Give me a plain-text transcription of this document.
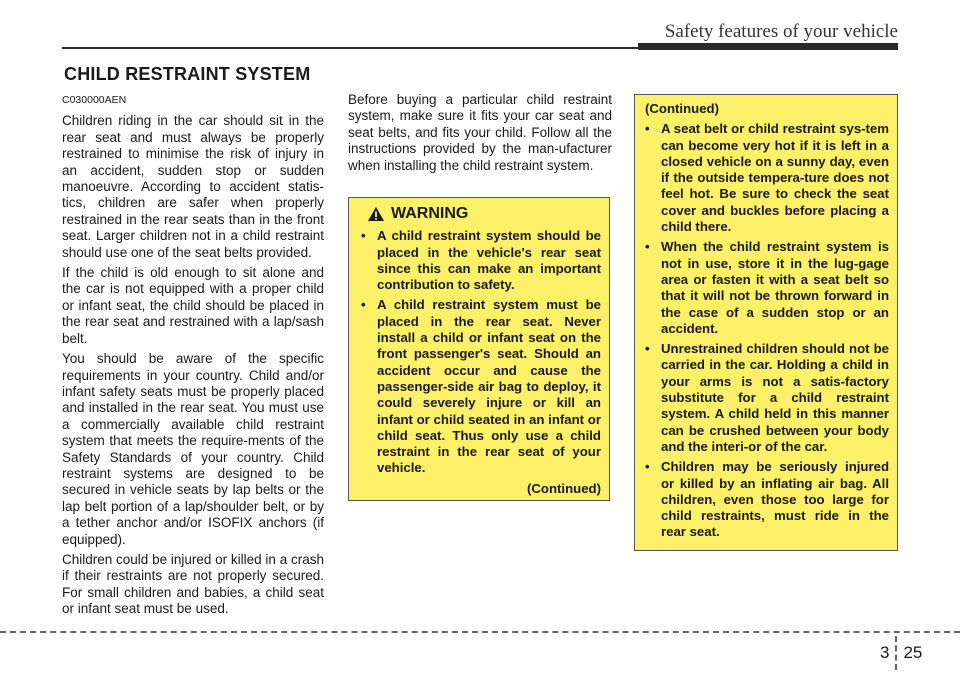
Safety features of your vehicle
CHILD RESTRAINT SYSTEM

C030000AEN

Children riding in the car should sit in the rear seat and must always be properly restrained to minimise the risk of injury in an accident, sudden stop or sudden manoeuvre. According to accident statis-tics, children are safer when properly restrained in the rear seats than in the front seat. Larger children not in a child restraint should use one of the seat belts provided.

If the child is old enough to sit alone and the car is not equipped with a proper child or infant seat, the child should be placed in the rear seat and restrained with a lap/sash belt.

You should be aware of the specific requirements in your country. Child and/or infant safety seats must be properly placed and installed in the rear seat. You must use a commercially available child restraint system that meets the require-ments of the Safety Standards of your country. Child restraint systems are designed to be secured in vehicle seats by lap belts or the lap belt portion of a lap/shoulder belt, or by a tether anchor and/or ISOFIX anchors (if equipped).

Children could be injured or killed in a crash if their restraints are not properly secured. For small children and babies, a child seat or infant seat must be used.

Before buying a particular child restraint system, make sure it fits your car seat and seat belts, and fits your child. Follow all the instructions provided by the man-ufacturer when installing the child restraint system.

WARNING
• A child restraint system should be placed in the vehicle's rear seat since this can make an important contribution to safety.
• A child restraint system must be placed in the rear seat. Never install a child or infant seat on the front passenger's seat. Should an accident occur and cause the passenger-side air bag to deploy, it could severely injure or kill an infant or child seated in an infant or child seat. Thus only use a child restraint in the rear seat of your vehicle.
(Continued)
(Continued)
• A seat belt or child restraint sys-tem can become very hot if it is left in a closed vehicle on a sunny day, even if the outside tempera-ture does not feel hot. Be sure to check the seat cover and buckles before placing a child there.
• When the child restraint system is not in use, store it in the lug-gage area or fasten it with a seat belt so that it will not be thrown forward in the case of a sudden stop or an accident.
• Unrestrained children should not be carried in the car. Holding a child in your arms is not a satis-factory substitute for a child restraint system. A child held in this manner can be crushed between your body and the interi-or of the car.
• Children may be seriously injured or killed by an inflating air bag. All children, even those too large for child restraints, must ride in the rear seat.
3 25
